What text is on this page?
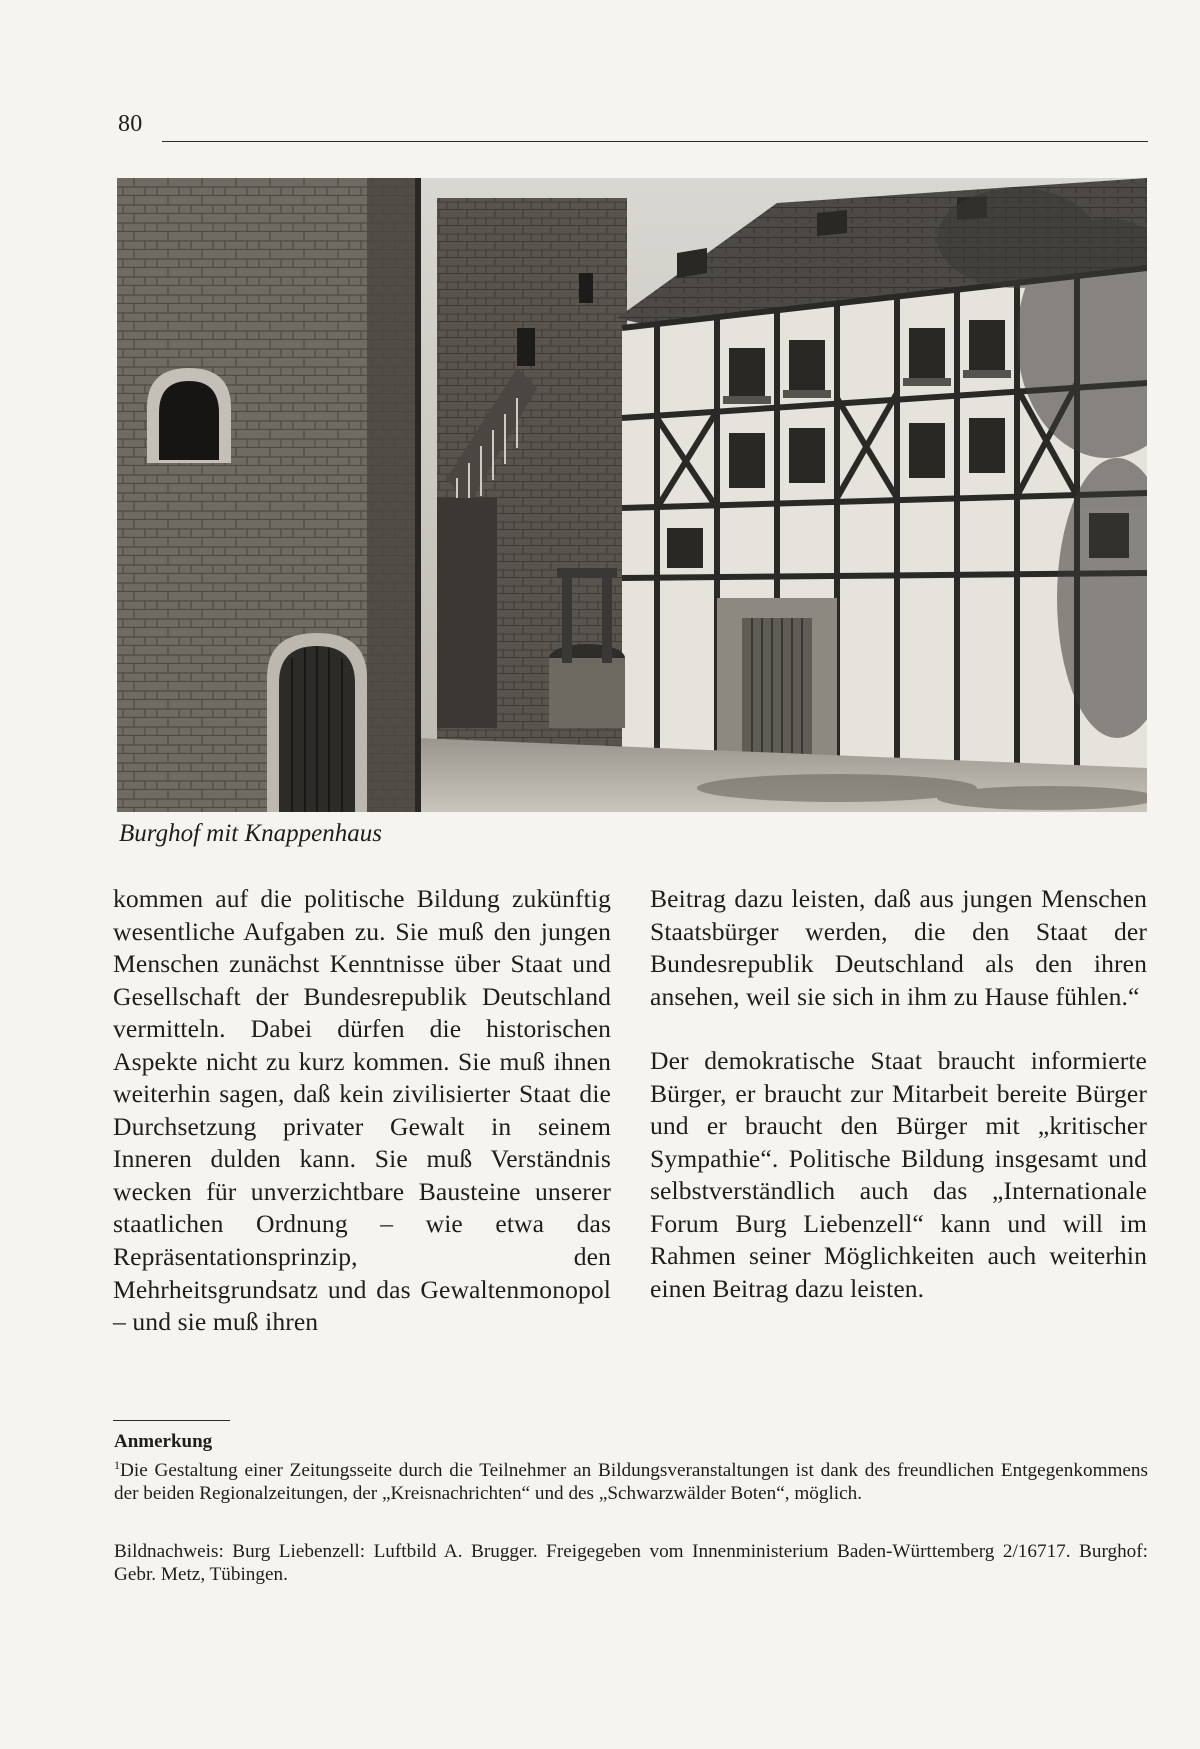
80
Burghof mit Knappenhaus

kommen auf die politische Bildung zukünftig wesentliche Aufgaben zu. Sie muß den jungen Menschen zunächst Kenntnisse über Staat und Gesellschaft der Bundesrepublik Deutschland vermitteln. Dabei dürfen die historischen Aspekte nicht zu kurz kommen. Sie muß ihnen weiterhin sagen, daß kein zivilisierter Staat die Durchsetzung privater Gewalt in seinem Inneren dulden kann. Sie muß Verständnis wecken für unverzichtbare Bausteine unserer staatlichen Ordnung – wie etwa das Repräsentationsprinzip, den Mehrheitsgrundsatz und das Gewaltenmonopol – und sie muß ihren

Beitrag dazu leisten, daß aus jungen Menschen Staatsbürger werden, die den Staat der Bundesrepublik Deutschland als den ihren ansehen, weil sie sich in ihm zu Hause fühlen.“

Der demokratische Staat braucht informierte Bürger, er braucht zur Mitarbeit bereite Bürger und er braucht den Bürger mit „kritischer Sympathie“. Politische Bildung insgesamt und selbstverständlich auch das „Internationale Forum Burg Liebenzell“ kann und will im Rahmen seiner Möglichkeiten auch weiterhin einen Beitrag dazu leisten.

Anmerkung
$^1$Die Gestaltung einer Zeitungsseite durch die Teilnehmer an Bildungsveranstaltungen ist dank des freundlichen Entgegenkommens der beiden Regionalzeitungen, der „Kreisnachrichten“ und des „Schwarzwälder Boten“, möglich.
Bildnachweis: Burg Liebenzell: Luftbild A. Brugger. Freigegeben vom Innenministerium Baden-Württemberg 2/16717. Burghof: Gebr. Metz, Tübingen.
